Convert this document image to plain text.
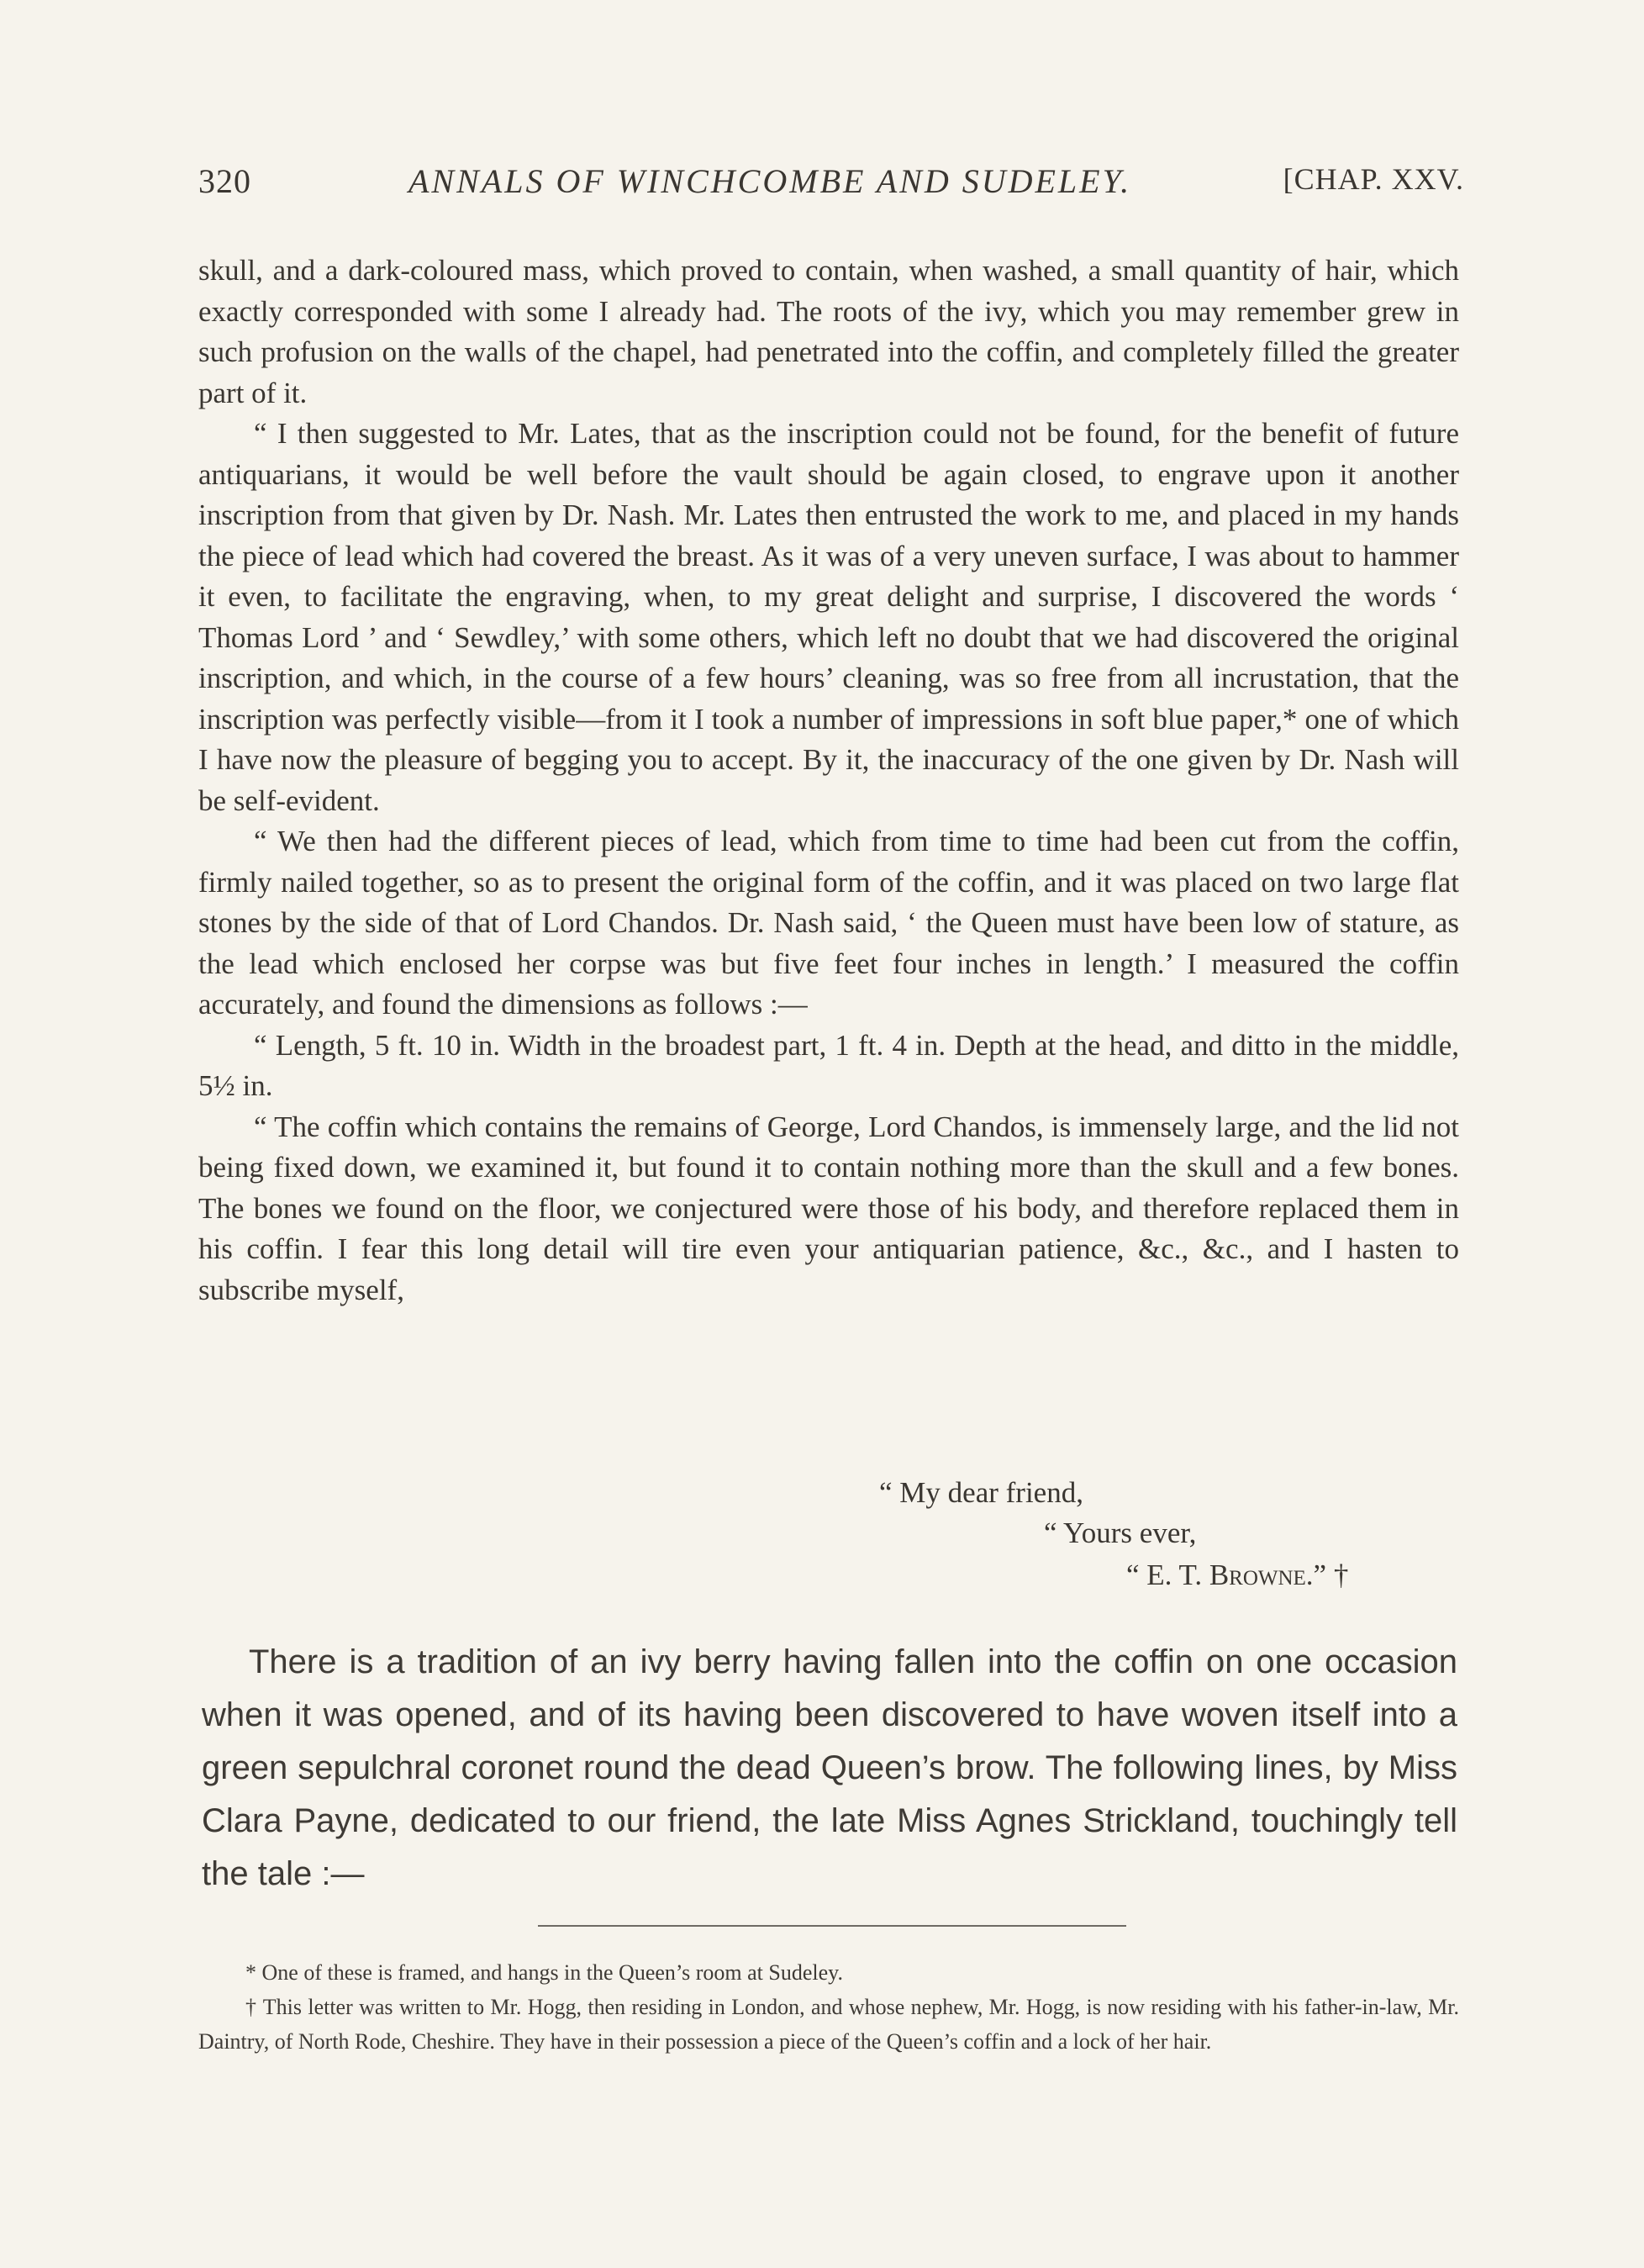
320	ANNALS OF WINCHCOMBE AND SUDELEY.	[CHAP. XXV.

skull, and a dark-coloured mass, which proved to contain, when washed, a small quantity of hair, which exactly corresponded with some I already had. The roots of the ivy, which you may remember grew in such profusion on the walls of the chapel, had penetrated into the coffin, and completely filled the greater part of it.

“ I then suggested to Mr. Lates, that as the inscription could not be found, for the benefit of future antiquarians, it would be well before the vault should be again closed, to engrave upon it another inscription from that given by Dr. Nash. Mr. Lates then entrusted the work to me, and placed in my hands the piece of lead which had covered the breast. As it was of a very uneven surface, I was about to hammer it even, to facilitate the engraving, when, to my great delight and surprise, I discovered the words ‘ Thomas Lord ’ and ‘ Sewdley,’ with some others, which left no doubt that we had discovered the original inscription, and which, in the course of a few hours’ cleaning, was so free from all incrustation, that the inscription was perfectly visible—from it I took a number of impressions in soft blue paper,* one of which I have now the pleasure of begging you to accept. By it, the inaccuracy of the one given by Dr. Nash will be self-evident.

“ We then had the different pieces of lead, which from time to time had been cut from the coffin, firmly nailed together, so as to present the original form of the coffin, and it was placed on two large flat stones by the side of that of Lord Chandos. Dr. Nash said, ‘ the Queen must have been low of stature, as the lead which enclosed her corpse was but five feet four inches in length.’ I measured the coffin accurately, and found the dimensions as follows :—

“ Length, 5 ft. 10 in. Width in the broadest part, 1 ft. 4 in. Depth at the head, and ditto in the middle, 5½ in.

“ The coffin which contains the remains of George, Lord Chandos, is immensely large, and the lid not being fixed down, we examined it, but found it to contain nothing more than the skull and a few bones. The bones we found on the floor, we conjectured were those of his body, and therefore replaced them in his coffin. I fear this long detail will tire even your antiquarian patience, &c., &c., and I hasten to subscribe myself,

“ My dear friend,
“ Yours ever,
“ E. T. Browne.” †

There is a tradition of an ivy berry having fallen into the coffin on one occasion when it was opened, and of its having been discovered to have woven itself into a green sepulchral coronet round the dead Queen’s brow. The following lines, by Miss Clara Payne, dedicated to our friend, the late Miss Agnes Strickland, touchingly tell the tale :—

* One of these is framed, and hangs in the Queen’s room at Sudeley.

† This letter was written to Mr. Hogg, then residing in London, and whose nephew, Mr. Hogg, is now residing with his father-in-law, Mr. Daintry, of North Rode, Cheshire. They have in their possession a piece of the Queen’s coffin and a lock of her hair.
